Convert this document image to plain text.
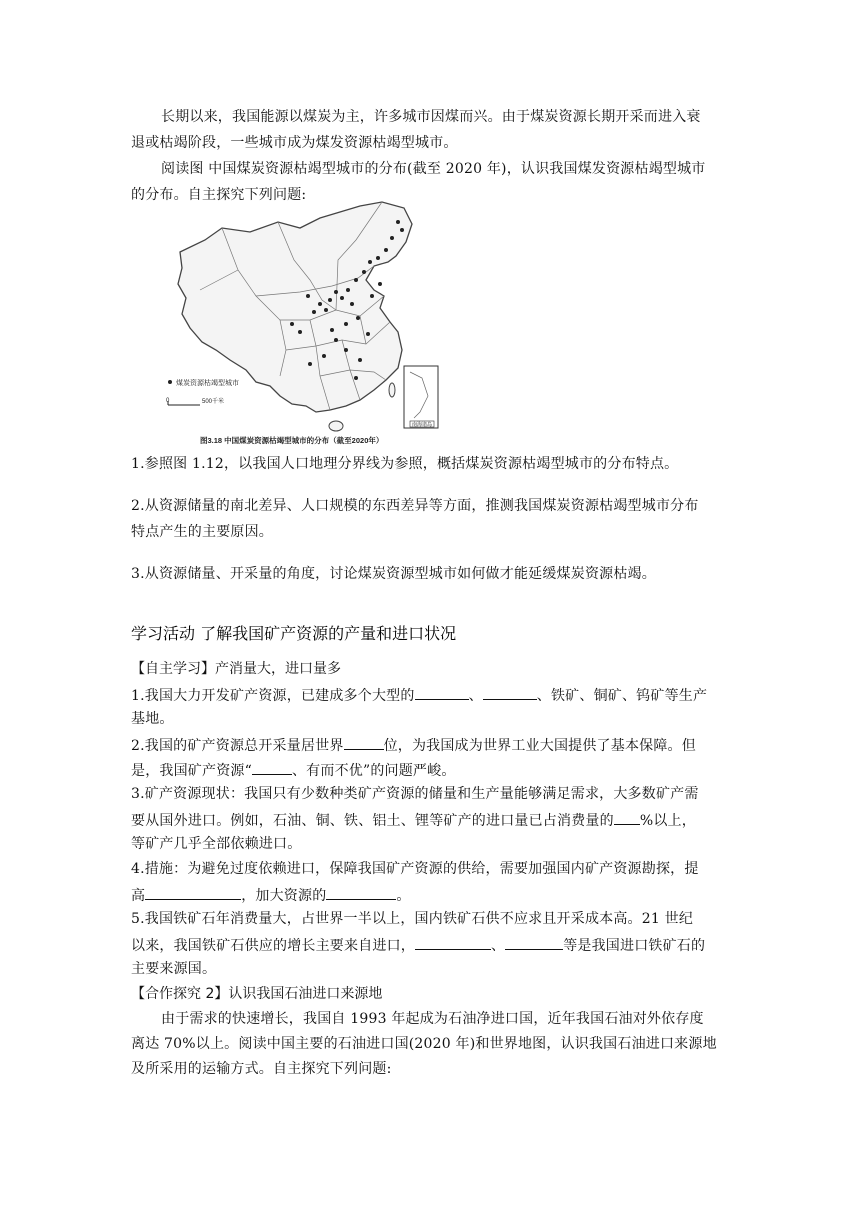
长期以来，我国能源以煤炭为主，许多城市因煤而兴。由于煤炭资源长期开采而进入衰
退或枯竭阶段，一些城市成为煤发资源枯竭型城市。
阅读图 中国煤炭资源枯竭型城市的分布(截至 2020 年)，认识我国煤发资源枯竭型城市
的分布。自主探究下列问题:
煤炭资源枯竭型城市
0	500千米
南海诸岛
图3.18 中国煤炭资源枯竭型城市的分布（截至2020年）
1.参照图 1.12，以我国人口地理分界线为参照，概括煤炭资源枯竭型城市的分布特点。
2.从资源储量的南北差异、人口规模的东西差异等方面，推测我国煤炭资源枯竭型城市分布
特点产生的主要原因。
3.从资源储量、开采量的角度，讨论煤炭资源型城市如何做才能延缓煤炭资源枯竭。
学习活动 了解我国矿产资源的产量和进口状况
【自主学习】产消量大，进口量多
1.我国大力开发矿产资源，已建成多个大型的	、	、铁矿、铜矿、钨矿等生产
基地。
2.我国的矿产资源总开采量居世界	位，为我国成为世界工业大国提供了基本保障。但
是，我国矿产资源“	、有而不优”的问题严峻。
3.矿产资源现状：我国只有少数种类矿产资源的储量和生产量能够满足需求，大多数矿产需
要从国外进口。例如，石油、铜、铁、铝土、锂等矿产的进口量已占消费量的 %以上，
等矿产几乎全部依赖进口。
4.措施：为避免过度依赖进口，保障我国矿产资源的供给，需要加强国内矿产资源勘探，提
高	，加大资源的	。
5.我国铁矿石年消费量大，占世界一半以上，国内铁矿石供不应求且开采成本高。21 世纪
以来，我国铁矿石供应的增长主要来自进口，	、	等是我国进口铁矿石的
主要来源国。
【合作探究 2】认识我国石油进口来源地
由于需求的快速增长，我国自 1993 年起成为石油净进口国，近年我国石油对外依存度
离达 70%以上。阅读中国主要的石油进口国(2020 年)和世界地图，认识我国石油进口来源地
及所采用的运输方式。自主探究下列问题:
